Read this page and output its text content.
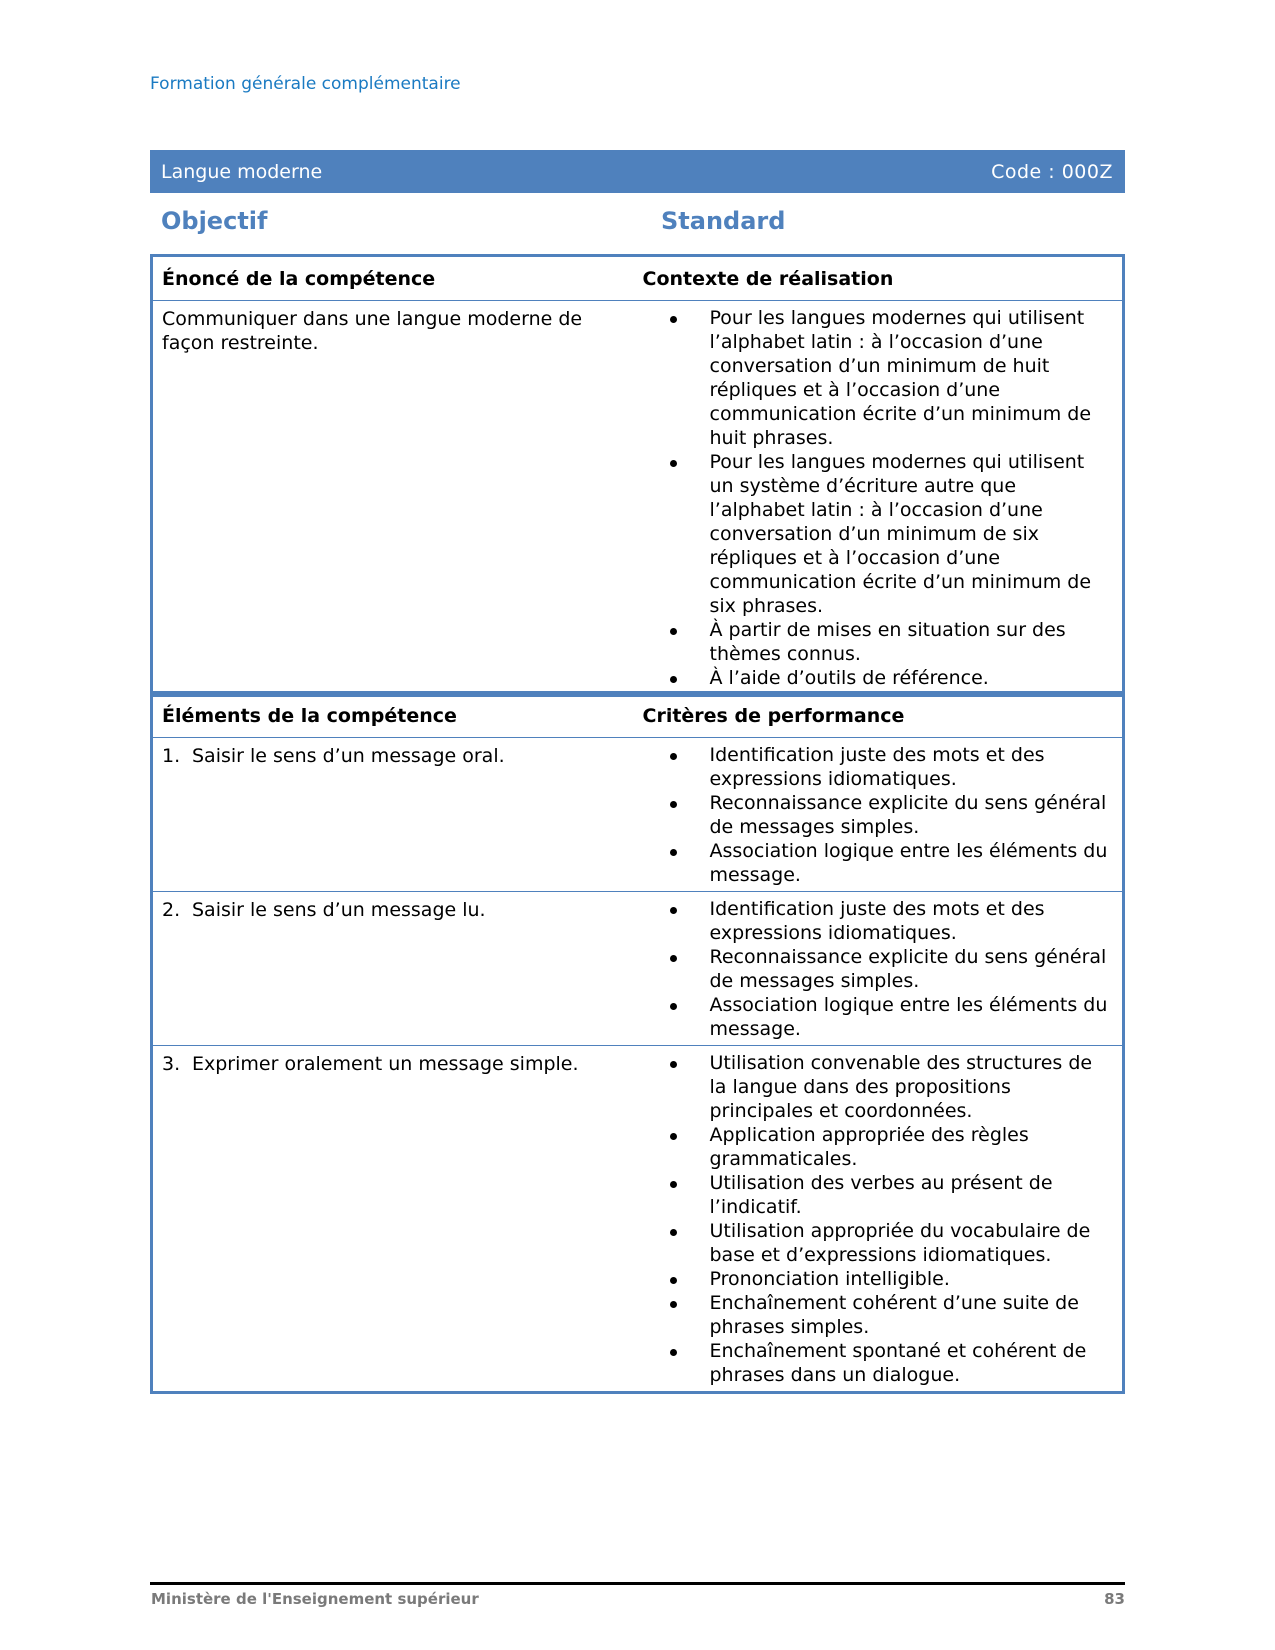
Formation générale complémentaire
Langue moderne	Code : 000Z
Objectif	Standard
Énoncé de la compétence	Contexte de réalisation
Communiquer dans une langue moderne de façon restreinte.	
Pour les langues modernes qui utilisent l’alphabet latin : à l’occasion d’une conversation d’un minimum de huit répliques et à l’occasion d’une communication écrite d’un minimum de huit phrases.
Pour les langues modernes qui utilisent un système d’écriture autre que l’alphabet latin : à l’occasion d’une conversation d’un minimum de six répliques et à l’occasion d’une communication écrite d’un minimum de six phrases.
À partir de mises en situation sur des thèmes connus.
À l’aide d’outils de référence.
Éléments de la compétence	Critères de performance
1. Saisir le sens d’un message oral.	Identification juste des mots et des expressions idiomatiques.
Reconnaissance explicite du sens général de messages simples.
Association logique entre les éléments du message.

2. Saisir le sens d’un message lu.	Identification juste des mots et des expressions idiomatiques.
Reconnaissance explicite du sens général de messages simples.
Association logique entre les éléments du message.

3. Exprimer oralement un message simple.	Utilisation convenable des structures de la langue dans des propositions principales et coordonnées.
Application appropriée des règles grammaticales.
Utilisation des verbes au présent de l’indicatif.
Utilisation appropriée du vocabulaire de base et d’expressions idiomatiques.
Prononciation intelligible.
Enchaînement cohérent d’une suite de phrases simples.
Enchaînement spontané et cohérent de phrases dans un dialogue.
Ministère de l'Enseignement supérieur	83
